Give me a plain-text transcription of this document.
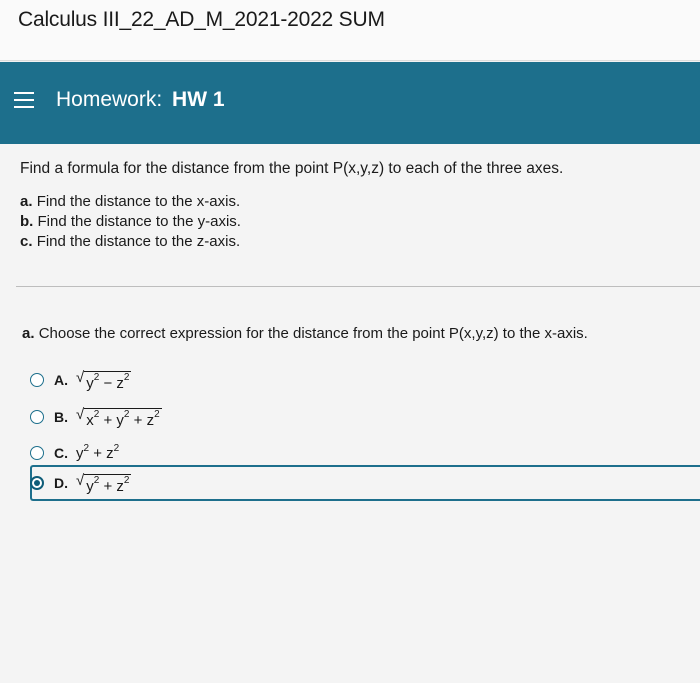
Calculus III_22_AD_M_2021-2022 SUM
Homework: HW 1
Find a formula for the distance from the point P(x,y,z) to each of the three axes.
a. Find the distance to the x-axis.
b. Find the distance to the y-axis.
c. Find the distance to the z-axis.
a. Choose the correct expression for the distance from the point P(x,y,z) to the x-axis.
A. √ $y^2 - z^2$
B. √ $x^2 + y^2 + z^2$
C. $y^2 + z^2$
D. √ $y^2 + z^2$
